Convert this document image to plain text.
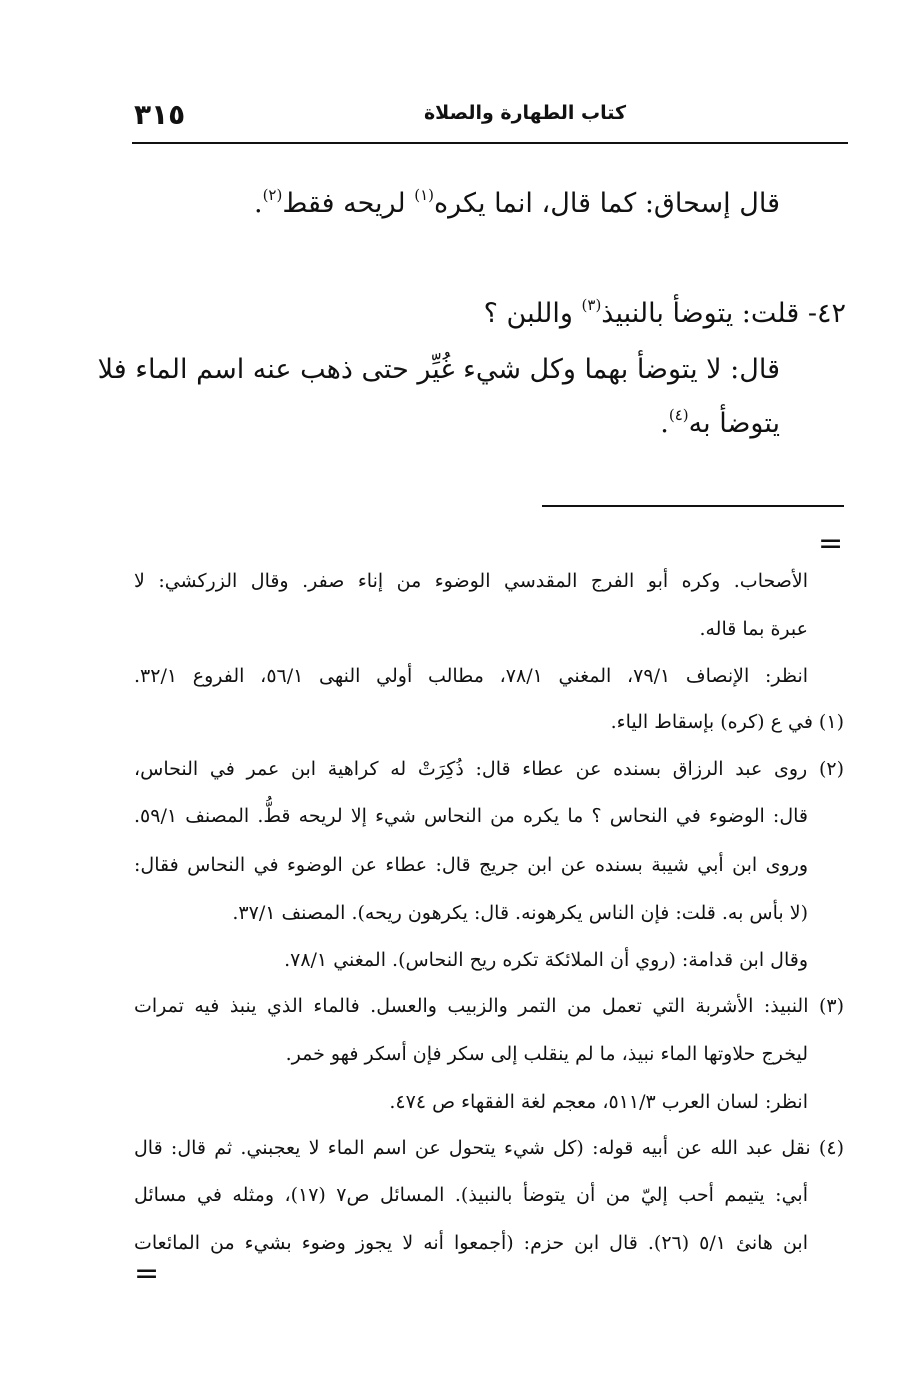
٣١٥	كتاب الطهارة والصلاة
قال إسحاق: كما قال، انما يكره$^{(١)}$ لريحه فقط$^{(٢)}$.
٤٢- قلت: يتوضأ بالنبيذ$^{(٣)}$ واللبن ؟
قال: لا يتوضأ بهما وكل شيء غُيِّر حتى ذهب عنه اسم الماء فلا
يتوضأ به$^{(٤)}$.
=
الأصحاب. وكره أبو الفرج المقدسي الوضوء من إناء صفر. وقال الزركشي: لا
عبرة بما قاله.
انظر: الإنصاف ٧٩/١، المغني ٧٨/١، مطالب أولي النهى ٥٦/١، الفروع ٣٢/١.
(١) في ع (كره) بإسقاط الياء.
(٢) روى عبد الرزاق بسنده عن عطاء قال: ذُكِرَتْ له كراهية ابن عمر في النحاس،
قال: الوضوء في النحاس ؟ ما يكره من النحاس شيء إلا لريحه قطُّ. المصنف ٥٩/١.
وروى ابن أبي شيبة بسنده عن ابن جريج قال: عطاء عن الوضوء في النحاس فقال:
(لا بأس به. قلت: فإن الناس يكرهونه. قال: يكرهون ريحه). المصنف ٣٧/١.
وقال ابن قدامة: (روي أن الملائكة تكره ريح النحاس). المغني ٧٨/١.
(٣) النبيذ: الأشربة التي تعمل من التمر والزبيب والعسل. فالماء الذي ينبذ فيه تمرات
ليخرج حلاوتها الماء نبيذ، ما لم ينقلب إلى سكر فإن أسكر فهو خمر.
انظر: لسان العرب ٥١١/٣، معجم لغة الفقهاء ص ٤٧٤.
(٤) نقل عبد الله عن أبيه قوله: (كل شيء يتحول عن اسم الماء لا يعجبني. ثم قال: قال
أبي: يتيمم أحب إليّ من أن يتوضأ بالنبيذ). المسائل ص٧ (١٧)، ومثله في مسائل
ابن هانئ ٥/١ (٢٦). قال ابن حزم: (أجمعوا أنه لا يجوز وضوء بشيء من المائعات
=
